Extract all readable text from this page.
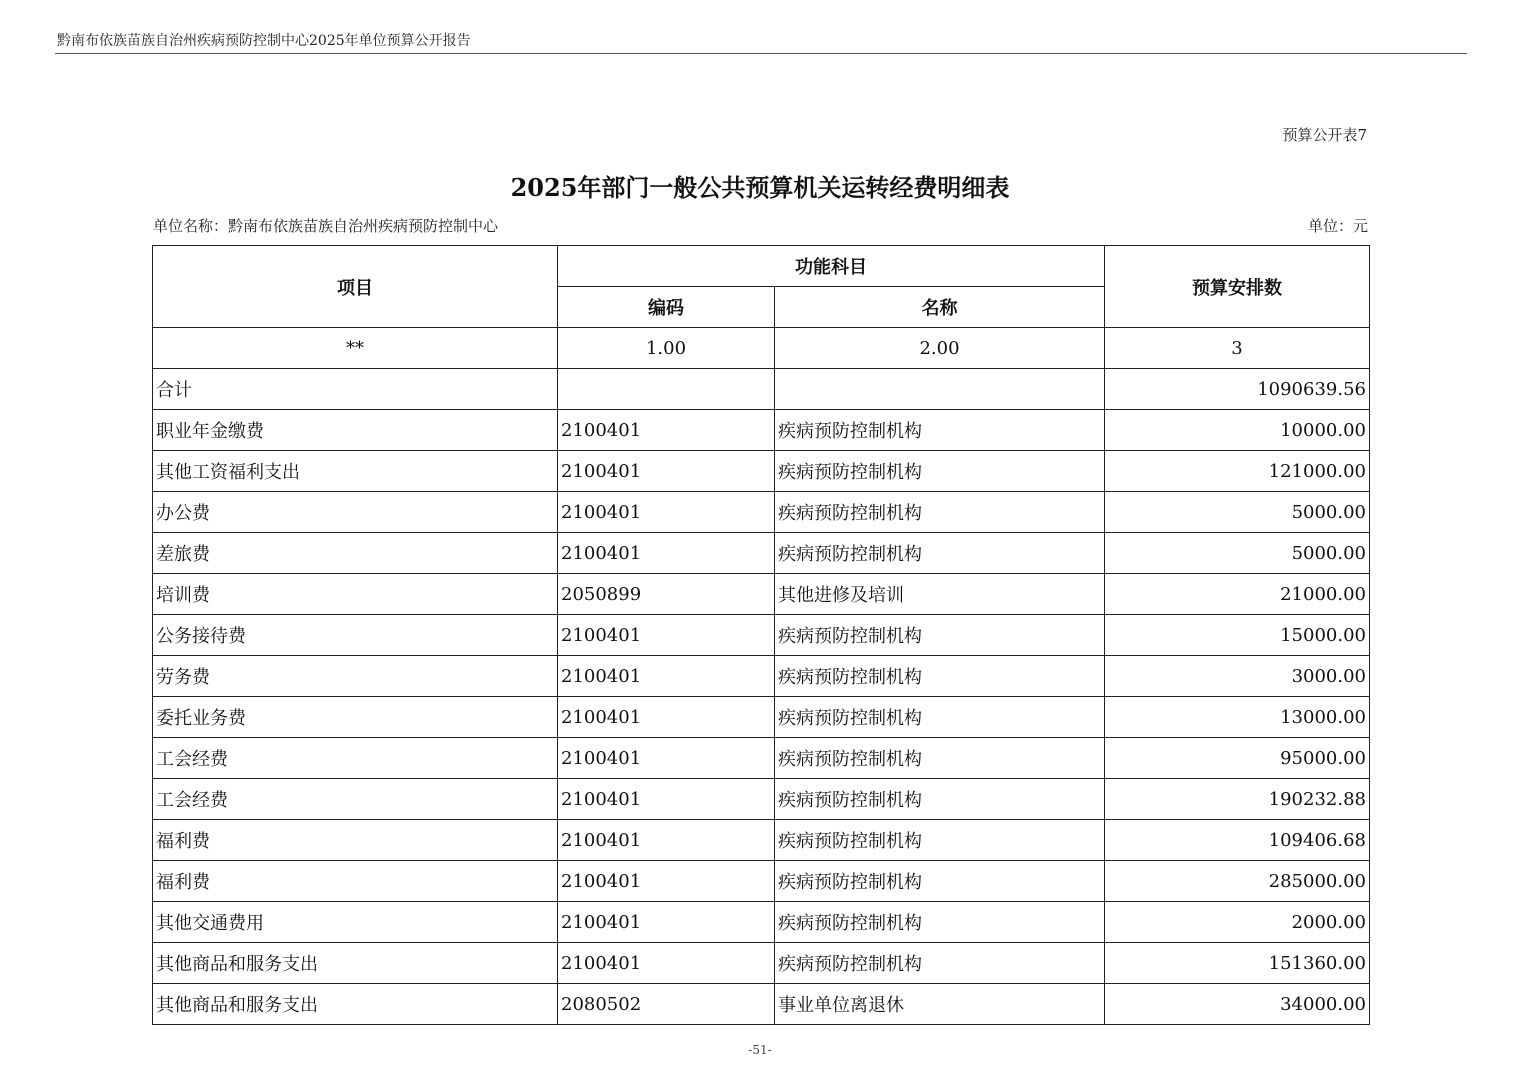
黔南布依族苗族自治州疾病预防控制中心2025年单位预算公开报告
预算公开表7
2025年部门一般公共预算机关运转经费明细表
单位名称：黔南布依族苗族自治州疾病预防控制中心	单位：元
项目	功能科目		预算安排数
	编码	名称	
**	1.00	2.00	3
合计			1090639.56
职业年金缴费	2100401	疾病预防控制机构	10000.00
其他工资福利支出	2100401	疾病预防控制机构	121000.00
办公费	2100401	疾病预防控制机构	5000.00
差旅费	2100401	疾病预防控制机构	5000.00
培训费	2050899	其他进修及培训	21000.00
公务接待费	2100401	疾病预防控制机构	15000.00
劳务费	2100401	疾病预防控制机构	3000.00
委托业务费	2100401	疾病预防控制机构	13000.00
工会经费	2100401	疾病预防控制机构	95000.00
工会经费	2100401	疾病预防控制机构	190232.88
福利费	2100401	疾病预防控制机构	109406.68
福利费	2100401	疾病预防控制机构	285000.00
其他交通费用	2100401	疾病预防控制机构	2000.00
其他商品和服务支出	2100401	疾病预防控制机构	151360.00
其他商品和服务支出	2080502	事业单位离退休	34000.00
-51-
